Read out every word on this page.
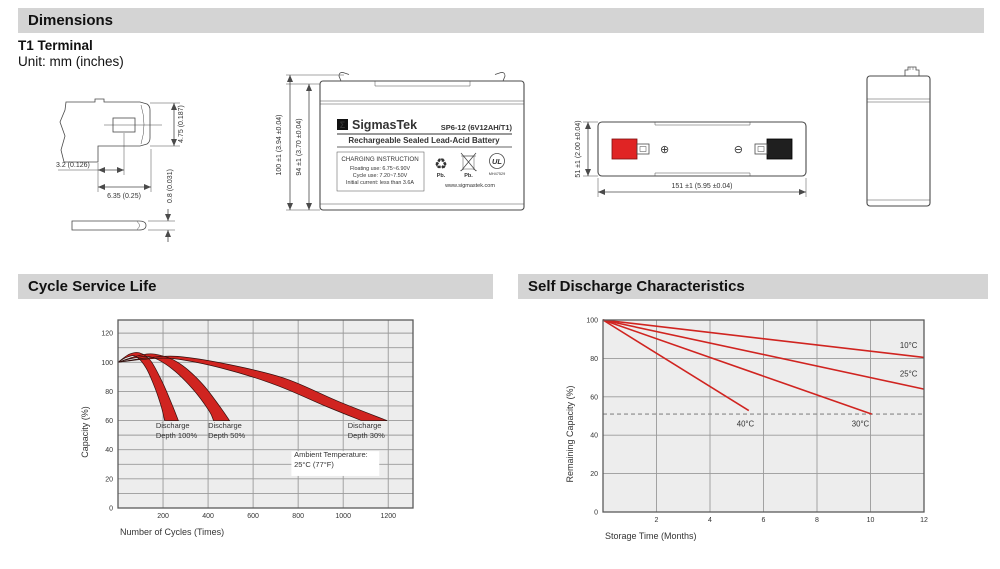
Dimensions
T1 Terminal
Unit: mm (inches)
Cycle Service Life	Self Discharge Characteristics
4.75 (0.187)
3.2 (0.126)
6.35 (0.25)	0.8 (0.031)
Σ SigmasTek	SP6-12 (6V12AH/T1)
Rechargeable Sealed Lead-Acid Battery
CHARGING INSTRUCTION
Floating use: 6.75~6.90V
Cycle use: 7.20~7.50V
Initial current: less than 3.6A
♻
Pb.	Pb.
UL
MH47529
www.sigmastek.com
100 ±1 (3.94 ±0.04) 94 ±1 (3.70 ±0.04)	⊕	⊖
51 ±1 (2.00 ±0.04)
151 ±1 (5.95 ±0.04)
Discharge
Depth 100%
Discharge
Depth 50%
Discharge
Depth 30%
Ambient Temperature:
25°C (77°F)
0
20
40
60
80
100
120
200	400	600	800	1000	1200
Number of Cycles (Times)
Capacity (%)
10°C
25°C
30°C
40°C
0
20
40
60
80
100
2	4	6	8	10	12
Storage Time (Months)
Remaining Capacity (%)
